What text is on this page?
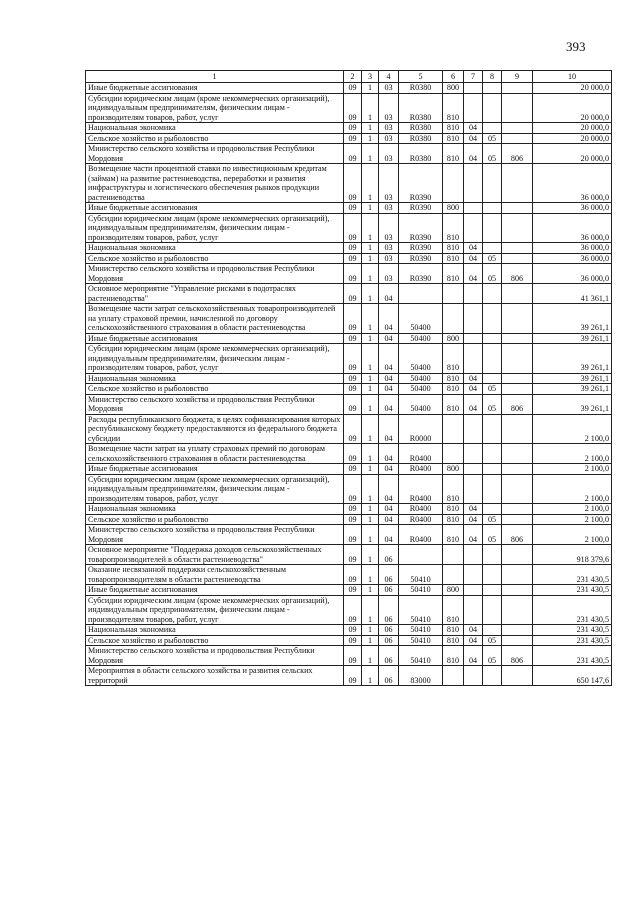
393
1	2	3	4	5	6	7	8	9	10
Иные бюджетные ассигнования	09	1	03	R0380	800				20 000,0
Субсидии юридическим лицам (кроме некоммерческих организаций), индивидуальным предпринимателям, физическим лицам - производителям товаров, работ, услуг	09	1	03	R0380	810				20 000,0
Национальная экономика	09	1	03	R0380	810	04			20 000,0
Сельское хозяйство и рыболовство	09	1	03	R0380	810	04	05		20 000,0
Министерство сельского хозяйства и продовольствия Республики Мордовия	09	1	03	R0380	810	04	05	806	20 000,0
Возмещение части процентной ставки по инвестиционным кредитам (займам) на развитие растениеводства, переработки и развития инфраструктуры и логистического обеспечения рынков продукции растениеводства	09	1	03	R0390					36 000,0
Иные бюджетные ассигнования	09	1	03	R0390	800				36 000,0
Субсидии юридическим лицам (кроме некоммерческих организаций), индивидуальным предпринимателям, физическим лицам - производителям товаров, работ, услуг	09	1	03	R0390	810				36 000,0
Национальная экономика	09	1	03	R0390	810	04			36 000,0
Сельское хозяйство и рыболовство	09	1	03	R0390	810	04	05		36 000,0
Министерство сельского хозяйства и продовольствия Республики Мордовия	09	1	03	R0390	810	04	05	806	36 000,0
Основное мероприятие "Управление рисками в подотраслях растениеводства"	09	1	04						41 361,1
Возмещение части затрат сельскохозяйственных товаропроизводителей на уплату страховой премии, начисленной по договору сельскохозяйственного страхования в области растениеводства	09	1	04	50400					39 261,1
Иные бюджетные ассигнования	09	1	04	50400	800				39 261,1
Субсидии юридическим лицам (кроме некоммерческих организаций), индивидуальным предпринимателям, физическим лицам - производителям товаров, работ, услуг	09	1	04	50400	810				39 261,1
Национальная экономика	09	1	04	50400	810	04			39 261,1
Сельское хозяйство и рыболовство	09	1	04	50400	810	04	05		39 261,1
Министерство сельского хозяйства и продовольствия Республики Мордовия	09	1	04	50400	810	04	05	806	39 261,1
Расходы республиканского бюджета, в целях софинансирования которых республиканскому бюджету предоставляются из федерального бюджета субсидии	09	1	04	R0000					2 100,0
Возмещение части затрат на уплату страховых премий по договорам сельскохозяйственного страхования в области растениеводства	09	1	04	R0400					2 100,0
Иные бюджетные ассигнования	09	1	04	R0400	800				2 100,0
Субсидии юридическим лицам (кроме некоммерческих организаций), индивидуальным предпринимателям, физическим лицам - производителям товаров, работ, услуг	09	1	04	R0400	810				2 100,0
Национальная экономика	09	1	04	R0400	810	04			2 100,0
Сельское хозяйство и рыболовство	09	1	04	R0400	810	04	05		2 100,0
Министерство сельского хозяйства и продовольствия Республики Мордовия	09	1	04	R0400	810	04	05	806	2 100,0
Основное мероприятие "Поддержка доходов сельскохозяйственных товаропроизводителей в области растениеводства"	09	1	06						918 379,6
Оказание несвязанной поддержки сельскохозяйственным товаропроизводителям в области растениеводства	09	1	06	50410					231 430,5
Иные бюджетные ассигнования	09	1	06	50410	800				231 430,5
Субсидии юридическим лицам (кроме некоммерческих организаций), индивидуальным предпринимателям, физическим лицам - производителям товаров, работ, услуг	09	1	06	50410	810				231 430,5
Национальная экономика	09	1	06	50410	810	04			231 430,5
Сельское хозяйство и рыболовство	09	1	06	50410	810	04	05		231 430,5
Министерство сельского хозяйства и продовольствия Республики Мордовия	09	1	06	50410	810	04	05	806	231 430,5
Мероприятия в области сельского хозяйства и развития сельских территорий	09	1	06	83000					650 147,6
